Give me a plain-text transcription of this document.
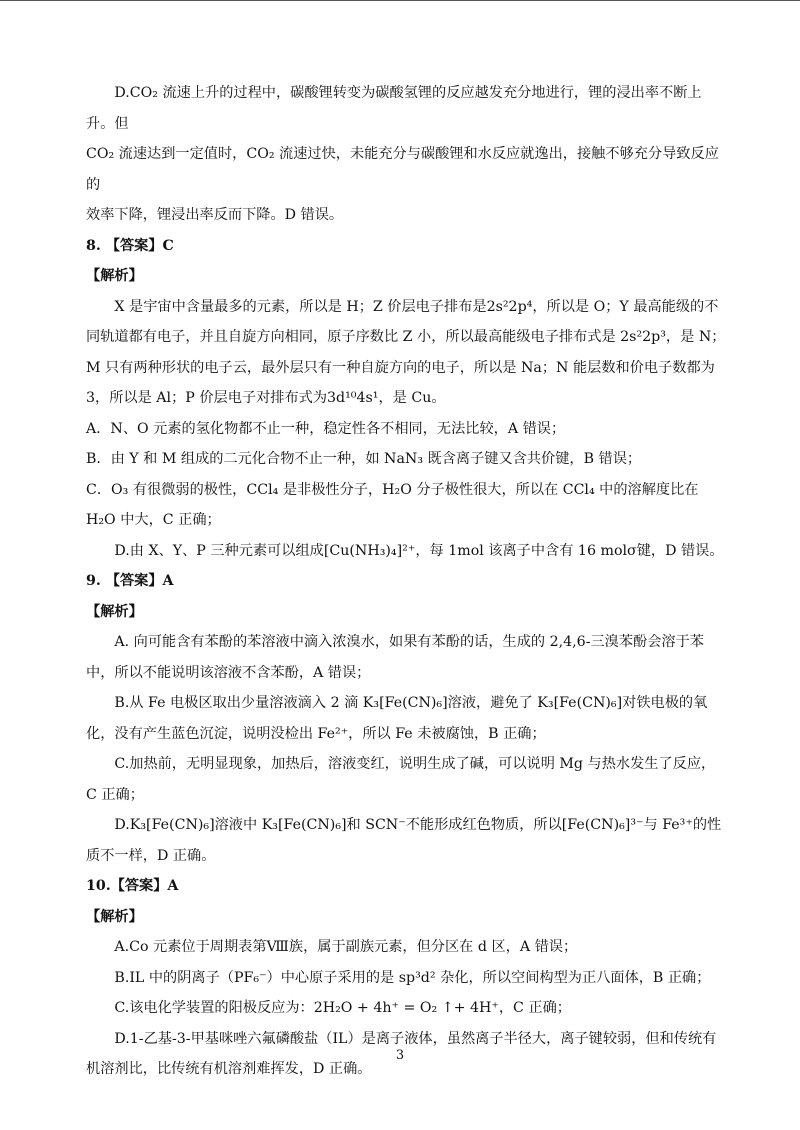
D.CO₂ 流速上升的过程中，碳酸锂转变为碳酸氢锂的反应越发充分地进行，锂的浸出率不断上升。但

CO₂ 流速达到一定值时，CO₂ 流速过快，未能充分与碳酸锂和水反应就逸出，接触不够充分导致反应的

效率下降，锂浸出率反而下降。D 错误。

8. 【答案】C

【解析】

X 是宇宙中含量最多的元素，所以是 H；Z 价层电子排布是2s²2p⁴，所以是 O；Y 最高能级的不同轨道都有电子，并且自旋方向相同，原子序数比 Z 小，所以最高能级电子排布式是 2s²2p³，是 N；M 只有两种形状的电子云，最外层只有一种自旋方向的电子，所以是 Na；N 能层数和价电子数都为 3，所以是 Al；P 价层电子对排布式为3d¹⁰4s¹，是 Cu。

A．N、O 元素的氢化物都不止一种，稳定性各不相同，无法比较，A 错误；

B．由 Y 和 M 组成的二元化合物不止一种，如 NaN₃ 既含离子键又含共价键，B 错误；

C．O₃ 有很微弱的极性，CCl₄ 是非极性分子，H₂O 分子极性很大，所以在 CCl₄ 中的溶解度比在 H₂O 中大，C 正确；

D.由 X、Y、P 三种元素可以组成[Cu(NH₃)₄]²⁺，每 1mol 该离子中含有 16 molσ键，D 错误。

9. 【答案】A

【解析】

A. 向可能含有苯酚的苯溶液中滴入浓溴水，如果有苯酚的话，生成的 2,4,6-三溴苯酚会溶于苯中，所以不能说明该溶液不含苯酚，A 错误；

B.从 Fe 电极区取出少量溶液滴入 2 滴 K₃[Fe(CN)₆]溶液，避免了 K₃[Fe(CN)₆]对铁电极的氧化，没有产生蓝色沉淀，说明没检出 Fe²⁺，所以 Fe 未被腐蚀，B 正确；

C.加热前，无明显现象，加热后，溶液变红，说明生成了碱，可以说明 Mg 与热水发生了反应，C 正确；

D.K₃[Fe(CN)₆]溶液中 K₃[Fe(CN)₆]和 SCN⁻不能形成红色物质，所以[Fe(CN)₆]³⁻与 Fe³⁺的性质不一样，D 正确。

10.【答案】A

【解析】

A.Co 元素位于周期表第Ⅷ族，属于副族元素，但分区在 d 区，A 错误；

B.IL 中的阴离子（PF₆⁻）中心原子采用的是 sp³d² 杂化，所以空间构型为正八面体，B 正确；

C.该电化学装置的阳极反应为：2H₂O + 4h⁺ = O₂ ↑+ 4H⁺，C 正确；

D.1-乙基-3-甲基咪唑六氟磷酸盐（IL）是离子液体，虽然离子半径大，离子键较弱，但和传统有机溶剂比，比传统有机溶剂难挥发，D 正确。

3
